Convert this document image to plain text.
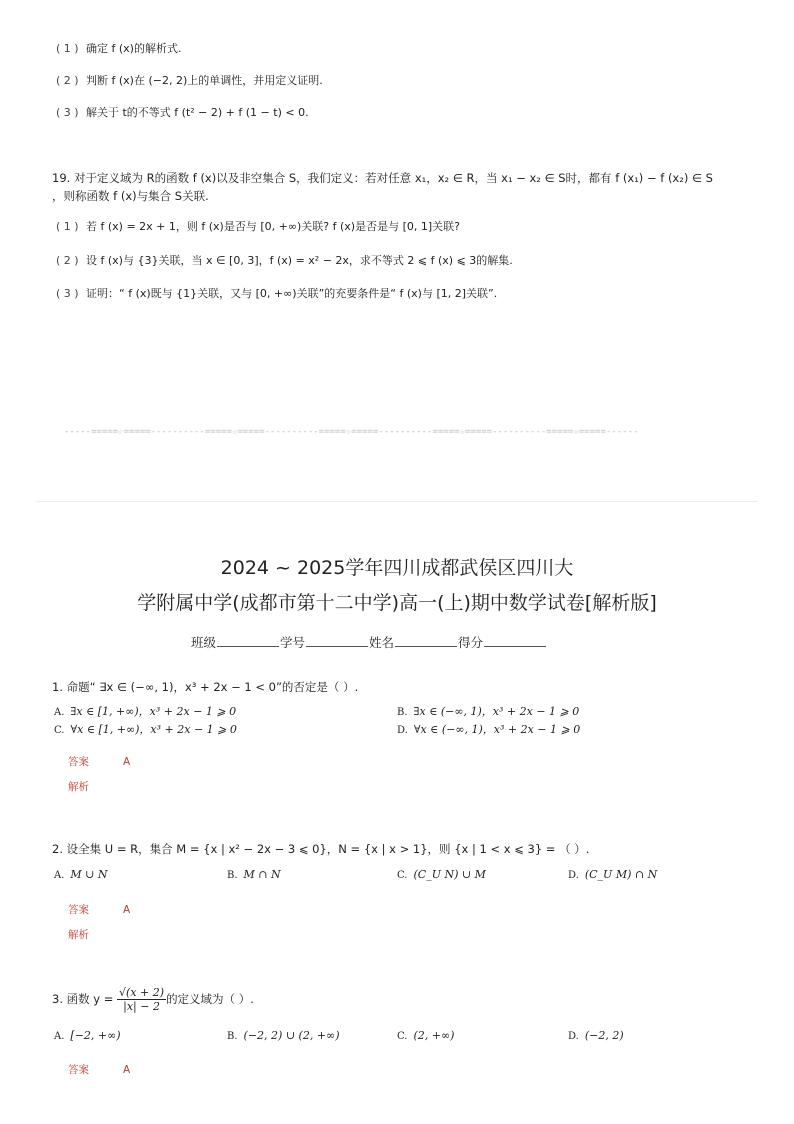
( 1 ) 确定 f (x)的解析式.
( 2 ) 判断 f (x)在 (−2, 2)上的单调性，并用定义证明.
( 3 ) 解关于 t的不等式 f (t² − 2) + f (1 − t) < 0.
19. 对于定义域为 R的函数 f (x)以及非空集合 S，我们定义：若对任意 x₁，x₂ ∈ R，当 x₁ − x₂ ∈ S时，都有 f (x₁) − f (x₂) ∈ S
，则称函数 f (x)与集合 S关联.
( 1 ) 若 f (x) = 2x + 1，则 f (x)是否与 [0, +∞)关联? f (x)是否是与 [0, 1]关联?
( 2 ) 设 f (x)与 {3}关联，当 x ∈ [0, 3]，f (x) = x² − 2x，求不等式 2 ⩽ f (x) ⩽ 3的解集.
( 3 ) 证明：“ f (x)既与 {1}关联，又与 [0, +∞)关联”的充要条件是“ f (x)与 [1, 2]关联”.
-----=====☆=====----------=====☆=====----------=====☆=====----------=====☆=====----------=====☆=====------
2024 ~ 2025学年四川成都武侯区四川大
学附属中学(成都市第十二中学)高一(上)期中数学试卷[解析版]
班级	学号	姓名	得分
1. 命题“ ∃x ∈ (−∞, 1)，x³ + 2x − 1 < 0”的否定是（ ）.
A. ∃x ∈ [1, +∞)，x³ + 2x − 1 ⩾ 0	B. ∃x ∈ (−∞, 1)，x³ + 2x − 1 ⩾ 0
C. ∀x ∈ [1, +∞)，x³ + 2x − 1 ⩾ 0	D. ∀x ∈ (−∞, 1)，x³ + 2x − 1 ⩾ 0
答案	A
解析
2. 设全集 U = R，集合 M = {x | x² − 2x − 3 ⩽ 0}，N = {x | x > 1}，则 {x | 1 < x ⩽ 3} = （ ）.
A. M ∪ N	B. M ∩ N	C. (C_U N) ∪ M	D. (C_U M) ∩ N
答案	A
解析
3. 函数 $y = \frac{√(x + 2)}{|x| - 2}$ 的定义域为（ ）.
A. [−2, +∞)	B. (−2, 2) ∪ (2, +∞)	C. (2, +∞)	D. (−2, 2)
答案	A
